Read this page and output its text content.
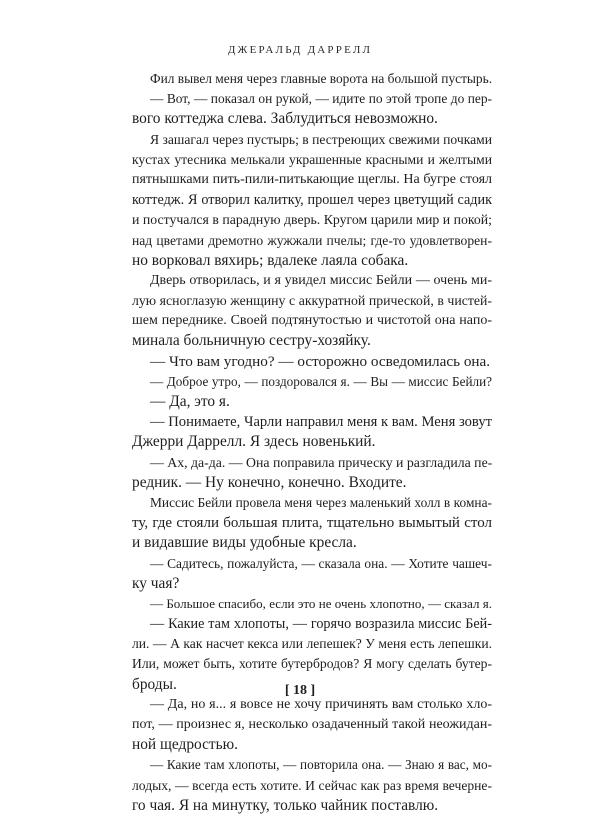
ДЖЕРАЛЬД ДАРРЕЛЛ
Фил вывел меня через главные ворота на большой пустырь.
— Вот, — показал он рукой, — идите по этой тропе до пер-
вого коттеджа слева. Заблудиться невозможно.
Я зашагал через пустырь; в пестреющих свежими почками
кустах утесника мелькали украшенные красными и желтыми
пятнышками пить-пили-питькающие щеглы. На бугре стоял
коттедж. Я отворил калитку, прошел через цветущий садик
и постучался в парадную дверь. Кругом царили мир и покой;
над цветами дремотно жужжали пчелы; где-то удовлетворен-
но ворковал вяхирь; вдалеке лаяла собака.
Дверь отворилась, и я увидел миссис Бейли — очень ми-
лую ясноглазую женщину с аккуратной прической, в чистей-
шем переднике. Своей подтянутостью и чистотой она напо-
минала больничную сестру-хозяйку.
— Что вам угодно? — осторожно осведомилась она.
— Доброе утро, — поздоровался я. — Вы — миссис Бейли?
— Да, это я.
— Понимаете, Чарли направил меня к вам. Меня зовут
Джерри Даррелл. Я здесь новенький.
— Ах, да-да. — Она поправила прическу и разгладила пе-
редник. — Ну конечно, конечно. Входите.
Миссис Бейли провела меня через маленький холл в комна-
ту, где стояли большая плита, тщательно вымытый стол
и видавшие виды удобные кресла.
— Садитесь, пожалуйста, — сказала она. — Хотите чашеч-
ку чая?
— Большое спасибо, если это не очень хлопотно, — сказал я.
— Какие там хлопоты, — горячо возразила миссис Бей-
ли. — А как насчет кекса или лепешек? У меня есть лепешки.
Или, может быть, хотите бутербродов? Я могу сделать бутер-
броды.
— Да, но я... я вовсе не хочу причинять вам столько хло-
пот, — произнес я, несколько озадаченный такой неожидан-
ной щедростью.
— Какие там хлопоты, — повторила она. — Знаю я вас, мо-
лодых, — всегда есть хотите. И сейчас как раз время вечерне-
го чая. Я на минутку, только чайник поставлю.
[ 18 ]
